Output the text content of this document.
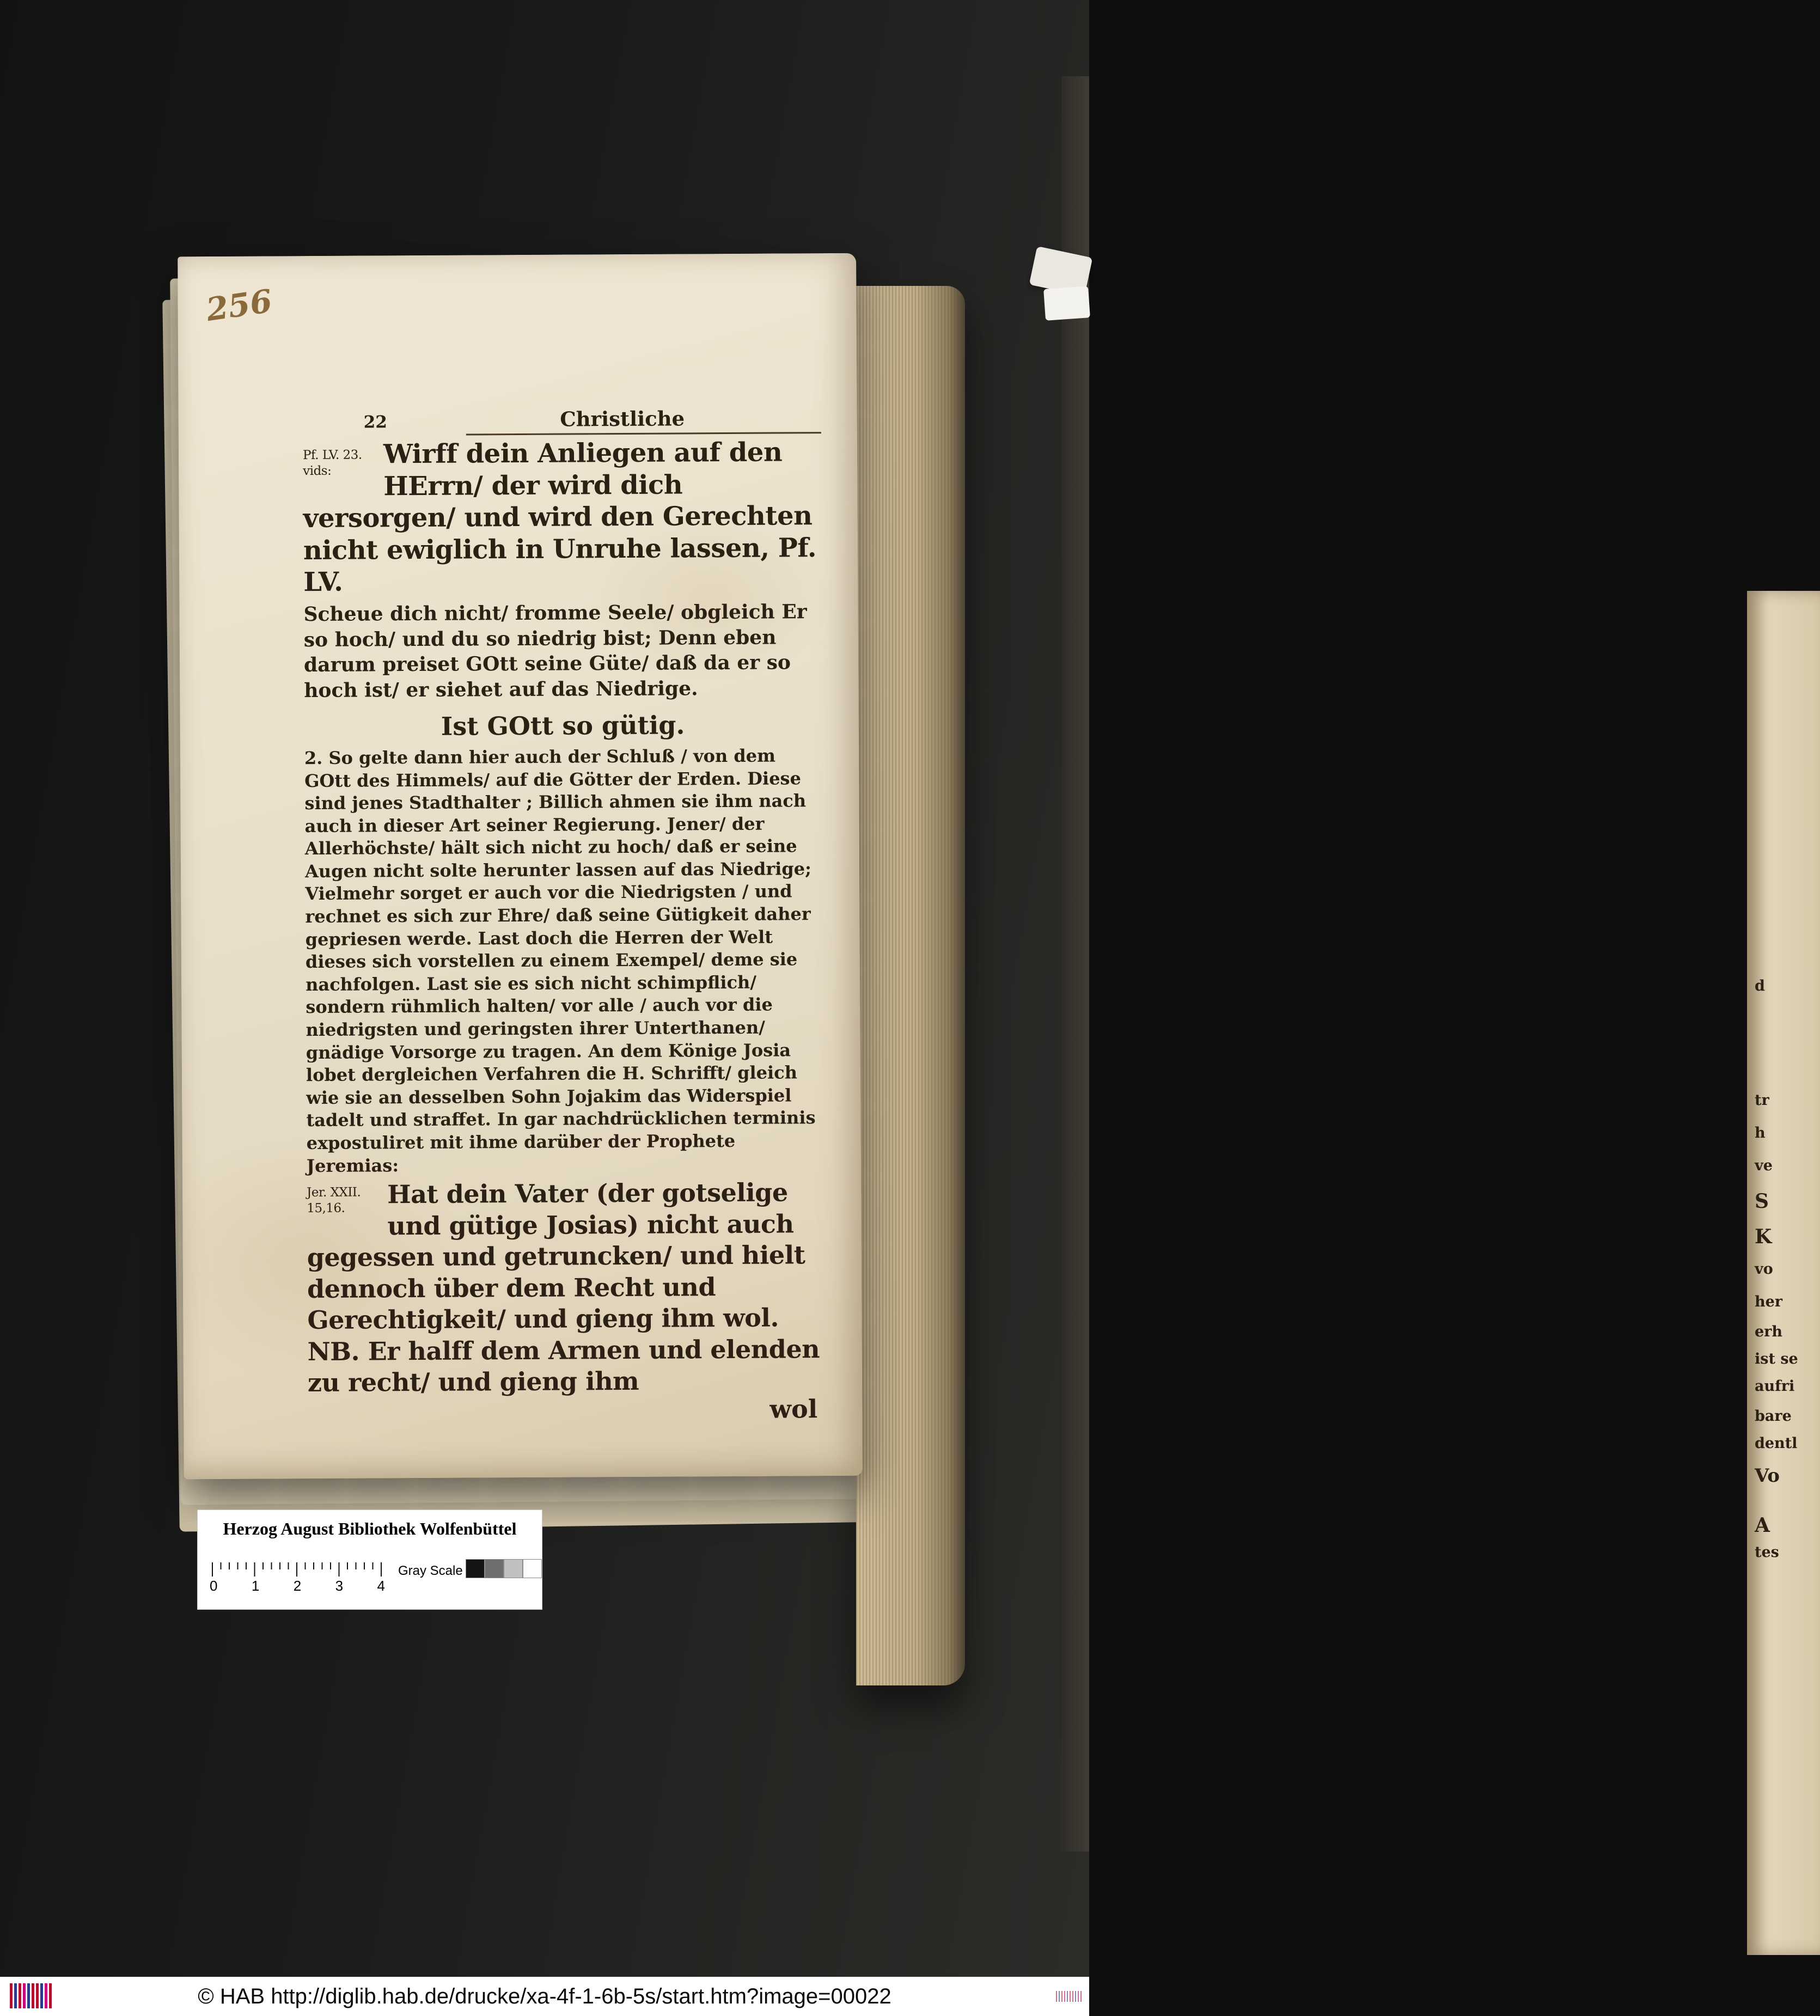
d
tr
h
ve
S
K
vo
her
erh
ist se
aufri
bare
dentl
Vo
A
tes
256
22	Christliche

Pf. LV. 23. vids:
Wirff dein Anliegen auf den HErrn/ der wird dich versorgen/ und wird den Gerechten nicht ewiglich in Unruhe lassen, Pf. LV.

Scheue dich nicht/ fromme Seele/ obgleich Er so hoch/ und du so niedrig bist; Denn eben darum preiset GOtt seine Güte/ daß da er so hoch ist/ er siehet auf das Niedrige.

Ist GOtt so gütig.

2. So gelte dann hier auch der Schluß / von dem GOtt des Himmels/ auf die Götter der Erden. Diese sind jenes Stadthalter ; Billich ahmen sie ihm nach auch in dieser Art seiner Regierung. Jener/ der Allerhöchste/ hält sich nicht zu hoch/ daß er seine Augen nicht solte herunter lassen auf das Niedrige; Vielmehr sorget er auch vor die Niedrigsten / und rechnet es sich zur Ehre/ daß seine Gütigkeit daher gepriesen werde. Last doch die Herren der Welt dieses sich vorstellen zu einem Exempel/ deme sie nachfolgen. Last sie es sich nicht schimpflich/ sondern rühmlich halten/ vor alle / auch vor die niedrigsten und geringsten ihrer Unterthanen/ gnädige Vorsorge zu tragen. An dem Könige Josia lobet dergleichen Verfahren die H. Schrifft/ gleich wie sie an desselben Sohn Jojakim das Widerspiel tadelt und straffet. In gar nachdrücklichen terminis expostuliret mit ihme darüber der Prophete Jeremias:

Jer. XXII.
15,16.	Hat dein Vater (der gotselige und gütige Josias) nicht auch gegessen und getruncken/ und hielt dennoch über dem Recht und Gerechtigkeit/ und gieng ihm wol. NB. Er halff dem Armen und elenden zu recht/ und gieng ihm

wol
Herzog August Bibliothek Wolfenbüttel
0 1 2 3 4
Gray Scale
© HAB http://diglib.hab.de/drucke/xa-4f-1-6b-5s/start.htm?image=00022
